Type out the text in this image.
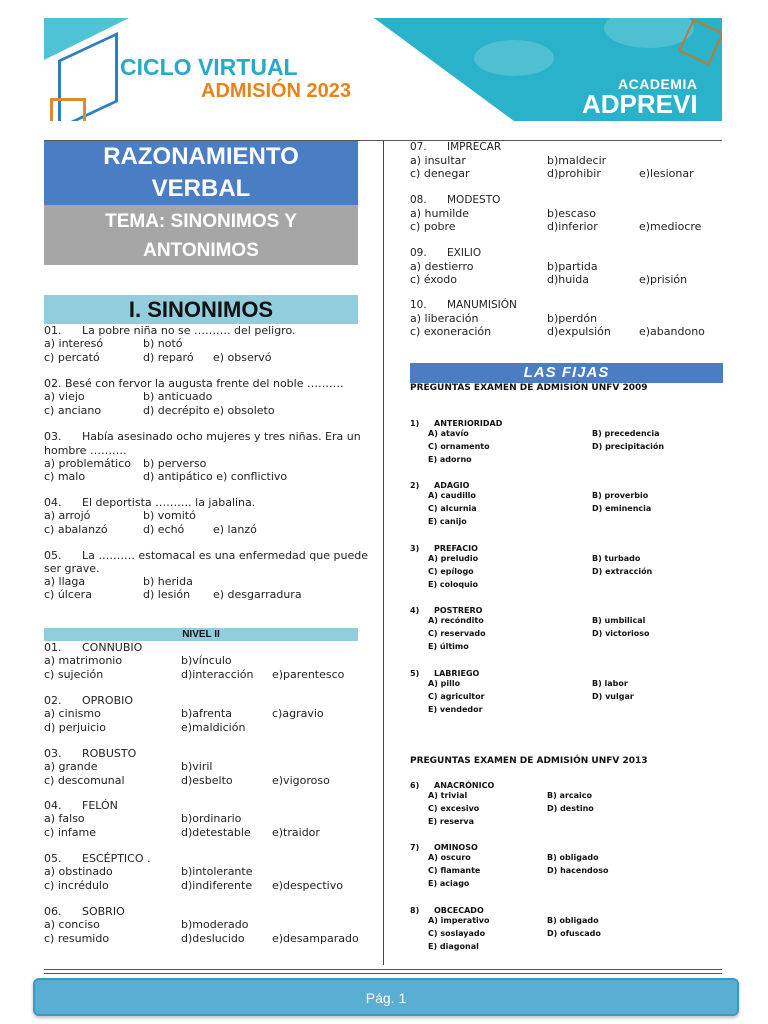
CICLO VIRTUAL
ADMISIÓN 2023	ACADEMIA
ADPREVI
RAZONAMIENTO
VERBAL
TEMA: SINONIMOS Y
ANTONIMOS
I. SINONIMOS
01. La pobre niña no se ………. del peligro.
a) interesó	b) notó
c) percató	d) reparó e) observó
02. Besé con fervor la augusta frente del noble ……….
a) viejo	b) anticuado
c) anciano	d) decrépito e) obsoleto
03. Había asesinado ocho mujeres y tres niñas. Era un
hombre ……….
a) problemático b) perverso
c) malo	d) antipático e) conflictivo
04. El deportista ………. la jabalina.
a) arrojó	b) vomitó
c) abalanzó	d) echó	e) lanzó
05. La ………. estomacal es una enfermedad que puede
ser grave.
a) llaga	b) herida
c) úlcera	d) lesión e) desgarradura
NIVEL II
01. CONNUBIO
a) matrimonio	b)vínculo
c) sujeción	d)interacción e)parentesco
02. OPROBIO
a) cinismo	b)afrenta	c)agravio
d) perjuicio	e)maldición
03. ROBUSTO
a) grande	b)viril
c) descomunal	d)esbelto	e)vigoroso
04. FELÓN
a) falso	b)ordinario
c) infame	d)detestable e)traidor
05. ESCÉPTICO .
a) obstinado	b)intolerante
c) incrédulo	d)indiferente e)despectivo
06. SOBRIO
a) conciso	b)moderado
c) resumido	d)deslucido e)desamparado
07. IMPRECAR
a) insultar	b)maldecir
c) denegar	d)prohibir	e)lesionar
08. MODESTO
a) humilde	b)escaso
c) pobre	d)inferior	e)mediocre
09. EXILIO
a) destierro	b)partida
c) éxodo	d)huida	e)prisión
10. MANUMISIÓN
a) liberación	b)perdón
c) exoneración	d)expulsión	e)abandono
LAS FIJAS
PREGUNTAS EXAMEN DE ADMISIÓN UNFV 2009
1) ANTERIORIDAD
A) atavío	B) precedencia
C) ornamento	D) precipitación
E) adorno
2) ADAGIO
A) caudillo	B) proverbio
C) alcurnia	D) eminencia
E) canijo
3) PREFACIO
A) preludio	B) turbado
C) epílogo	D) extracción
E) coloquio
4) POSTRERO
A) recóndito	B) umbilical
C) reservado	D) victorioso
E) último
5) LABRIEGO
A) pillo	B) labor
C) agricultor	D) vulgar
E) vendedor
PREGUNTAS EXAMEN DE ADMISIÓN UNFV 2013
6) ANACRÓNICO
A) trivial	B) arcaico
C) excesivo	D) destino
E) reserva
7) OMINOSO
A) oscuro	B) obligado
C) flamante	D) hacendoso
E) aciago
8) OBCECADO
A) imperativo	B) obligado
C) soslayado	D) ofuscado
E) diagonal
Pág. 1
